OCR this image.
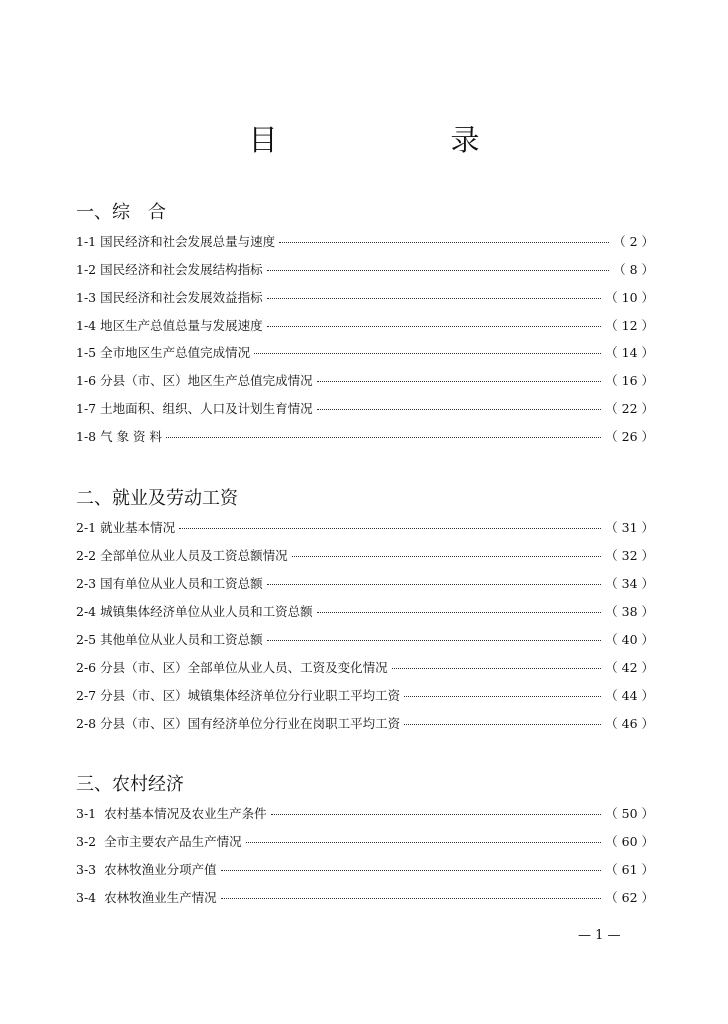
目　录
一、综　合
1-1 国民经济和社会发展总量与速度	（ 2 ）
1-2 国民经济和社会发展结构指标	（ 8 ）
1-3 国民经济和社会发展效益指标	（ 10 ）
1-4 地区生产总值总量与发展速度	（ 12 ）
1-5 全市地区生产总值完成情况	（ 14 ）
1-6 分县（市、区）地区生产总值完成情况	（ 16 ）
1-7 土地面积、组织、人口及计划生育情况	（ 22 ）
1-8 气 象 资 料	（ 26 ）
二、就业及劳动工资
2-1 就业基本情况	（ 31 ）
2-2 全部单位从业人员及工资总额情况	（ 32 ）
2-3 国有单位从业人员和工资总额	（ 34 ）
2-4 城镇集体经济单位从业人员和工资总额	（ 38 ）
2-5 其他单位从业人员和工资总额	（ 40 ）
2-6 分县（市、区）全部单位从业人员、工资及变化情况	（ 42 ）
2-7 分县（市、区）城镇集体经济单位分行业职工平均工资	（ 44 ）
2-8 分县（市、区）国有经济单位分行业在岗职工平均工资	（ 46 ）
三、农村经济
3-1  农村基本情况及农业生产条件	（ 50 ）
3-2  全市主要农产品生产情况	（ 60 ）
3-3  农林牧渔业分项产值	（ 61 ）
3-4  农林牧渔业生产情况	（ 62 ）
— 1 —
